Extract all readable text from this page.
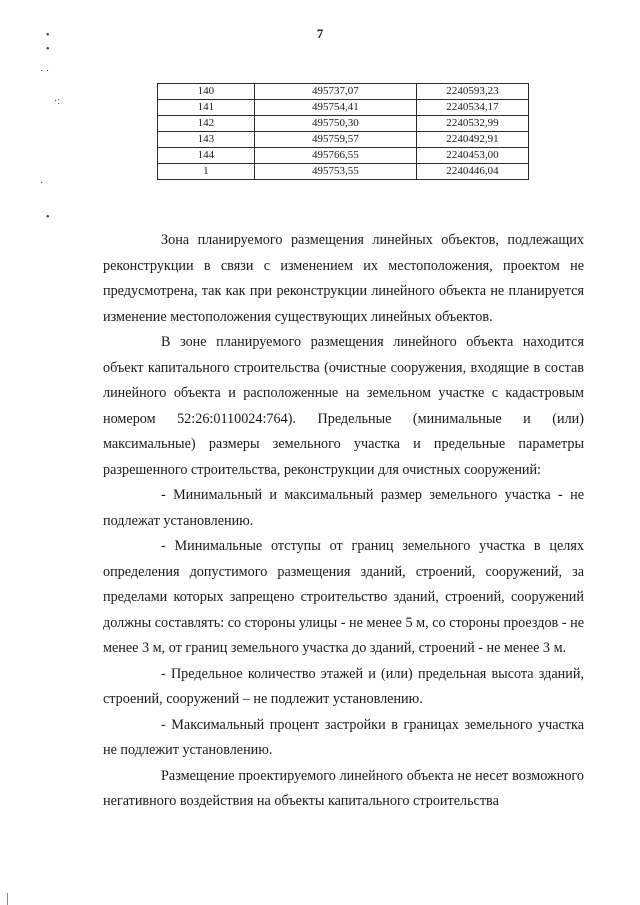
7
•
•
· ·
·:
·
•
140	495737,07	2240593,23
141	495754,41	2240534,17
142	495750,30	2240532,99
143	495759,57	2240492,91
144	495766,55	2240453,00
1	495753,55	2240446,04

Зона планируемого размещения линейных объектов, подлежащих реконструкции в связи с изменением их местоположения, проектом не предусмотрена, так как при реконструкции линейного объекта не планируется изменение местоположения существующих линейных объектов.

В зоне планируемого размещения линейного объекта находится объект капитального строительства (очистные сооружения, входящие в состав линейного объекта и расположенные на земельном участке с кадастровым номером 52:26:0110024:764). Предельные (минимальные и (или) максимальные) размеры земельного участка и предельные параметры разрешенного строительства, реконструкции для очистных сооружений:

- Минимальный и максимальный размер земельного участка - не подлежат установлению.

- Минимальные отступы от границ земельного участка в целях определения допустимого размещения зданий, строений, сооружений, за пределами которых запрещено строительство зданий, строений, сооружений должны составлять: со стороны улицы - не менее 5 м, со стороны проездов - не менее 3 м, от границ земельного участка до зданий, строений - не менее 3 м.

- Предельное количество этажей и (или) предельная высота зданий, строений, сооружений – не подлежит установлению.

- Максимальный процент застройки в границах земельного участка не подлежит установлению.

Размещение проектируемого линейного объекта не несет возможного негативного воздействия на объекты капитального строительства
